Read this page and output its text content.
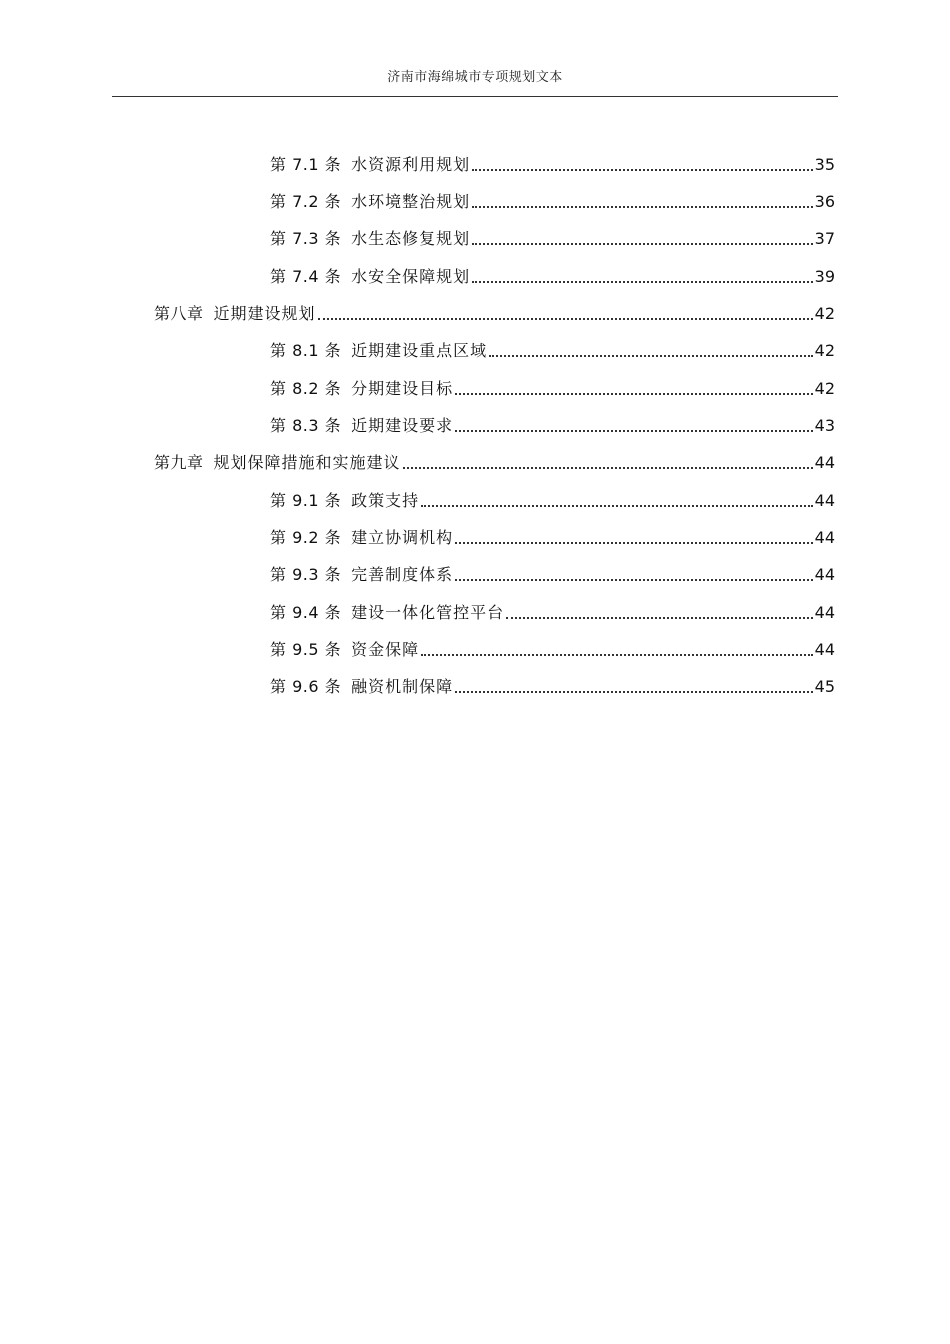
济南市海绵城市专项规划文本
第 7.1 条 水资源利用规划	35
第 7.2 条 水环境整治规划	36
第 7.3 条 水生态修复规划	37
第 7.4 条 水安全保障规划	39
第八章 近期建设规划	42
第 8.1 条 近期建设重点区域	42
第 8.2 条 分期建设目标	42
第 8.3 条 近期建设要求	43
第九章 规划保障措施和实施建议	44
第 9.1 条 政策支持	44
第 9.2 条 建立协调机构	44
第 9.3 条 完善制度体系	44
第 9.4 条 建设一体化管控平台	44
第 9.5 条 资金保障	44
第 9.6 条 融资机制保障	45
